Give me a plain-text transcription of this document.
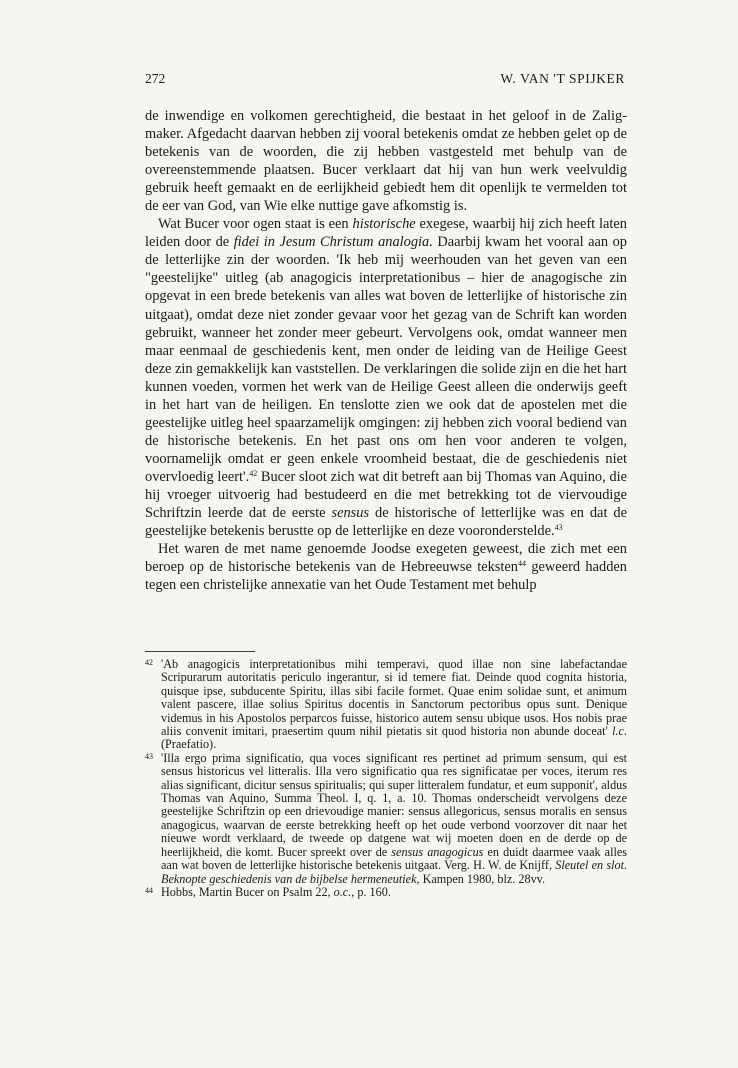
272	W. VAN 'T SPIJKER

de inwendige en volkomen gerechtigheid, die bestaat in het geloof in de Zaligmaker. Afgedacht daarvan hebben zij vooral betekenis omdat ze hebben gelet op de betekenis van de woorden, die zij hebben vastgesteld met behulp van de overeenstemmende plaatsen. Bucer verklaart dat hij van hun werk veelvuldig gebruik heeft gemaakt en de eerlijkheid gebiedt hem dit openlijk te vermelden tot de eer van God, van Wie elke nuttige gave afkomstig is.

Wat Bucer voor ogen staat is een historische exegese, waarbij hij zich heeft laten leiden door de fidei in Jesum Christum analogia. Daarbij kwam het vooral aan op de letterlijke zin der woorden. 'Ik heb mij weerhouden van het geven van een "geestelijke" uitleg (ab anagogicis interpretationibus – hier de anagogische zin opgevat in een brede betekenis van alles wat boven de letterlijke of historische zin uitgaat), omdat deze niet zonder gevaar voor het gezag van de Schrift kan worden gebruikt, wanneer het zonder meer gebeurt. Vervolgens ook, omdat wanneer men maar eenmaal de geschiedenis kent, men onder de leiding van de Heilige Geest deze zin gemakkelijk kan vaststellen. De verklaringen die solide zijn en die het hart kunnen voeden, vormen het werk van de Heilige Geest alleen die onderwijs geeft in het hart van de heiligen. En tenslotte zien we ook dat de apostelen met die geestelijke uitleg heel spaarzamelijk omgingen: zij hebben zich vooral bediend van de historische betekenis. En het past ons om hen voor anderen te volgen, voornamelijk omdat er geen enkele vroomheid bestaat, die de geschiedenis niet overvloedig leert'.$^{42}$ Bucer sloot zich wat dit betreft aan bij Thomas van Aquino, die hij vroeger uitvoerig had bestudeerd en die met betrekking tot de viervoudige Schriftzin leerde dat de eerste sensus de historische of letterlijke was en dat de geestelijke betekenis berustte op de letterlijke en deze vooronderstelde.$^{43}$

Het waren de met name genoemde Joodse exegeten geweest, die zich met een beroep op de historische betekenis van de Hebreeuwse teksten$^{44}$ geweerd hadden tegen een christelijke annexatie van het Oude Testament met behulp

42 'Ab anagogicis interpretationibus mihi temperavi, quod illae non sine labefactandae Scripurarum autoritatis periculo ingerantur, si id temere fiat. Deinde quod cognita historia, quisque ipse, subducente Spiritu, illas sibi facile formet. Quae enim solidae sunt, et animum valent pascere, illae solius Spiritus docentis in Sanctorum pectoribus opus sunt. Denique videmus in his Apostolos perparcos fuisse, historico autem sensu ubique usos. Hos nobis prae aliis convenit imitari, praesertim quum nihil pietatis sit quod historia non abunde doceat' l.c. (Praefatio).

43 'Illa ergo prima significatio, qua voces significant res pertinet ad primum sensum, qui est sensus historicus vel litteralis. Illa vero significatio qua res significatae per voces, iterum res alias significant, dicitur sensus spiritualis; qui super litteralem fundatur, et eum supponit', aldus Thomas van Aquino, Summa Theol. I, q. 1, a. 10. Thomas onderscheidt vervolgens deze geestelijke Schriftzin op een drievoudige manier: sensus allegoricus, sensus moralis en sensus anagogicus, waarvan de eerste betrekking heeft op het oude verbond voorzover dit naar het nieuwe wordt verklaard, de tweede op datgene wat wij moeten doen en de derde op de heerlijkheid, die komt. Bucer spreekt over de sensus anagogicus en duidt daarmee vaak alles aan wat boven de letterlijke historische betekenis uitgaat. Verg. H. W. de Knijff, Sleutel en slot. Beknopte geschiedenis van de bijbelse hermeneutiek, Kampen 1980, blz. 28vv.

44 Hobbs, Martin Bucer on Psalm 22, o.c., p. 160.
